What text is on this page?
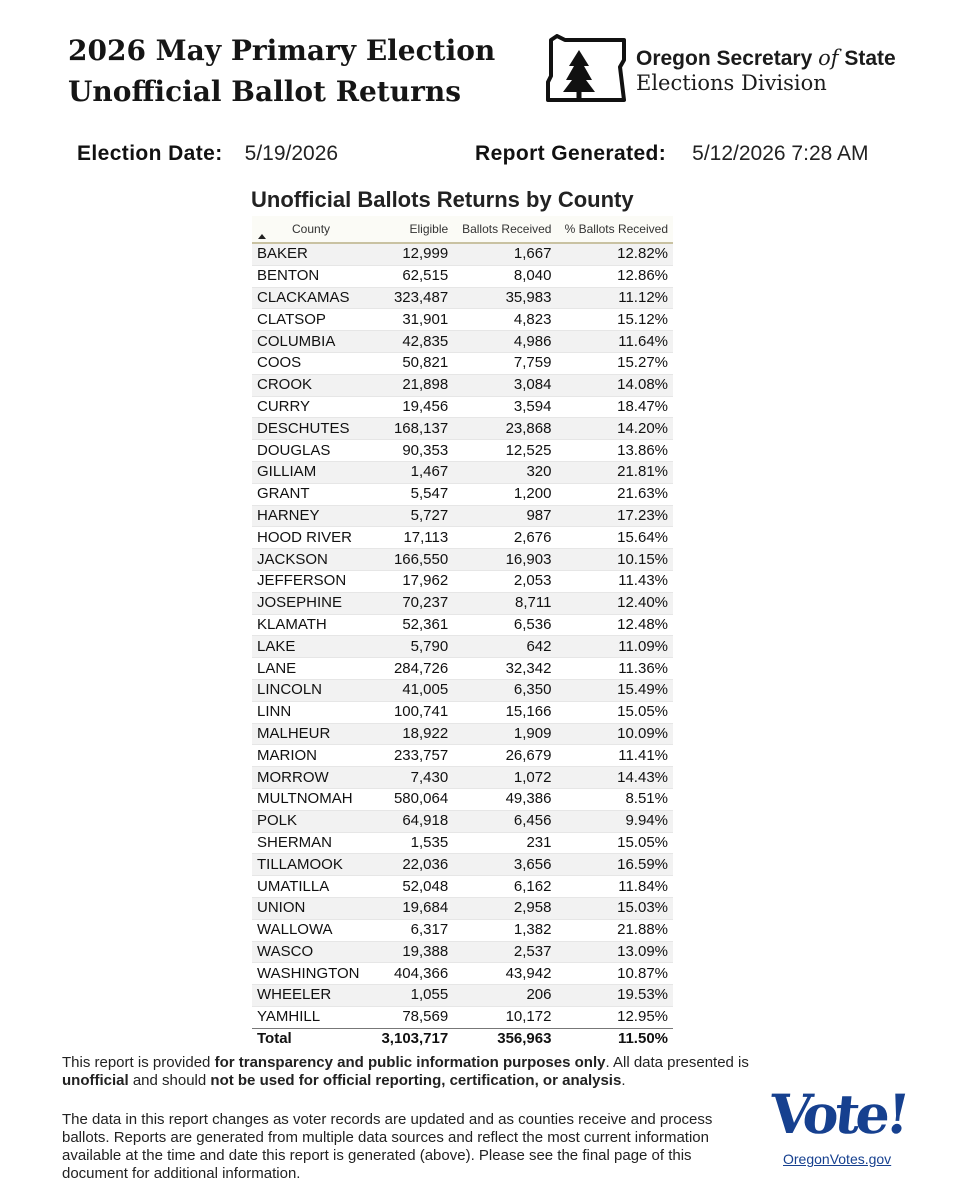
2026 May Primary Election
Unofficial Ballot Returns
Oregon Secretary of State
Elections Division
Election Date: 5/19/2026	Report Generated: 5/12/2026 7:28 AM
Unofficial Ballots Returns by County
County	Eligible	Ballots Received	% Ballots Received
BAKER	12,999	1,667	12.82%
BENTON	62,515	8,040	12.86%
CLACKAMAS	323,487	35,983	11.12%
CLATSOP	31,901	4,823	15.12%
COLUMBIA	42,835	4,986	11.64%
COOS	50,821	7,759	15.27%
CROOK	21,898	3,084	14.08%
CURRY	19,456	3,594	18.47%
DESCHUTES	168,137	23,868	14.20%
DOUGLAS	90,353	12,525	13.86%
GILLIAM	1,467	320	21.81%
GRANT	5,547	1,200	21.63%
HARNEY	5,727	987	17.23%
HOOD RIVER	17,113	2,676	15.64%
JACKSON	166,550	16,903	10.15%
JEFFERSON	17,962	2,053	11.43%
JOSEPHINE	70,237	8,711	12.40%
KLAMATH	52,361	6,536	12.48%
LAKE	5,790	642	11.09%
LANE	284,726	32,342	11.36%
LINCOLN	41,005	6,350	15.49%
LINN	100,741	15,166	15.05%
MALHEUR	18,922	1,909	10.09%
MARION	233,757	26,679	11.41%
MORROW	7,430	1,072	14.43%
MULTNOMAH	580,064	49,386	8.51%
POLK	64,918	6,456	9.94%
SHERMAN	1,535	231	15.05%
TILLAMOOK	22,036	3,656	16.59%
UMATILLA	52,048	6,162	11.84%
UNION	19,684	2,958	15.03%
WALLOWA	6,317	1,382	21.88%
WASCO	19,388	2,537	13.09%
WASHINGTON	404,366	43,942	10.87%
WHEELER	1,055	206	19.53%
YAMHILL	78,569	10,172	12.95%
Total	3,103,717	356,963	11.50%

This report is provided for transparency and public information purposes only. All data presented is unofficial and should not be used for official reporting, certification, or analysis.

The data in this report changes as voter records are updated and as counties receive and process ballots. Reports are generated from multiple data sources and reflect the most current information available at the time and date this report is generated (above). Please see the final page of this document for additional information.

Vote!
OregonVotes.gov
